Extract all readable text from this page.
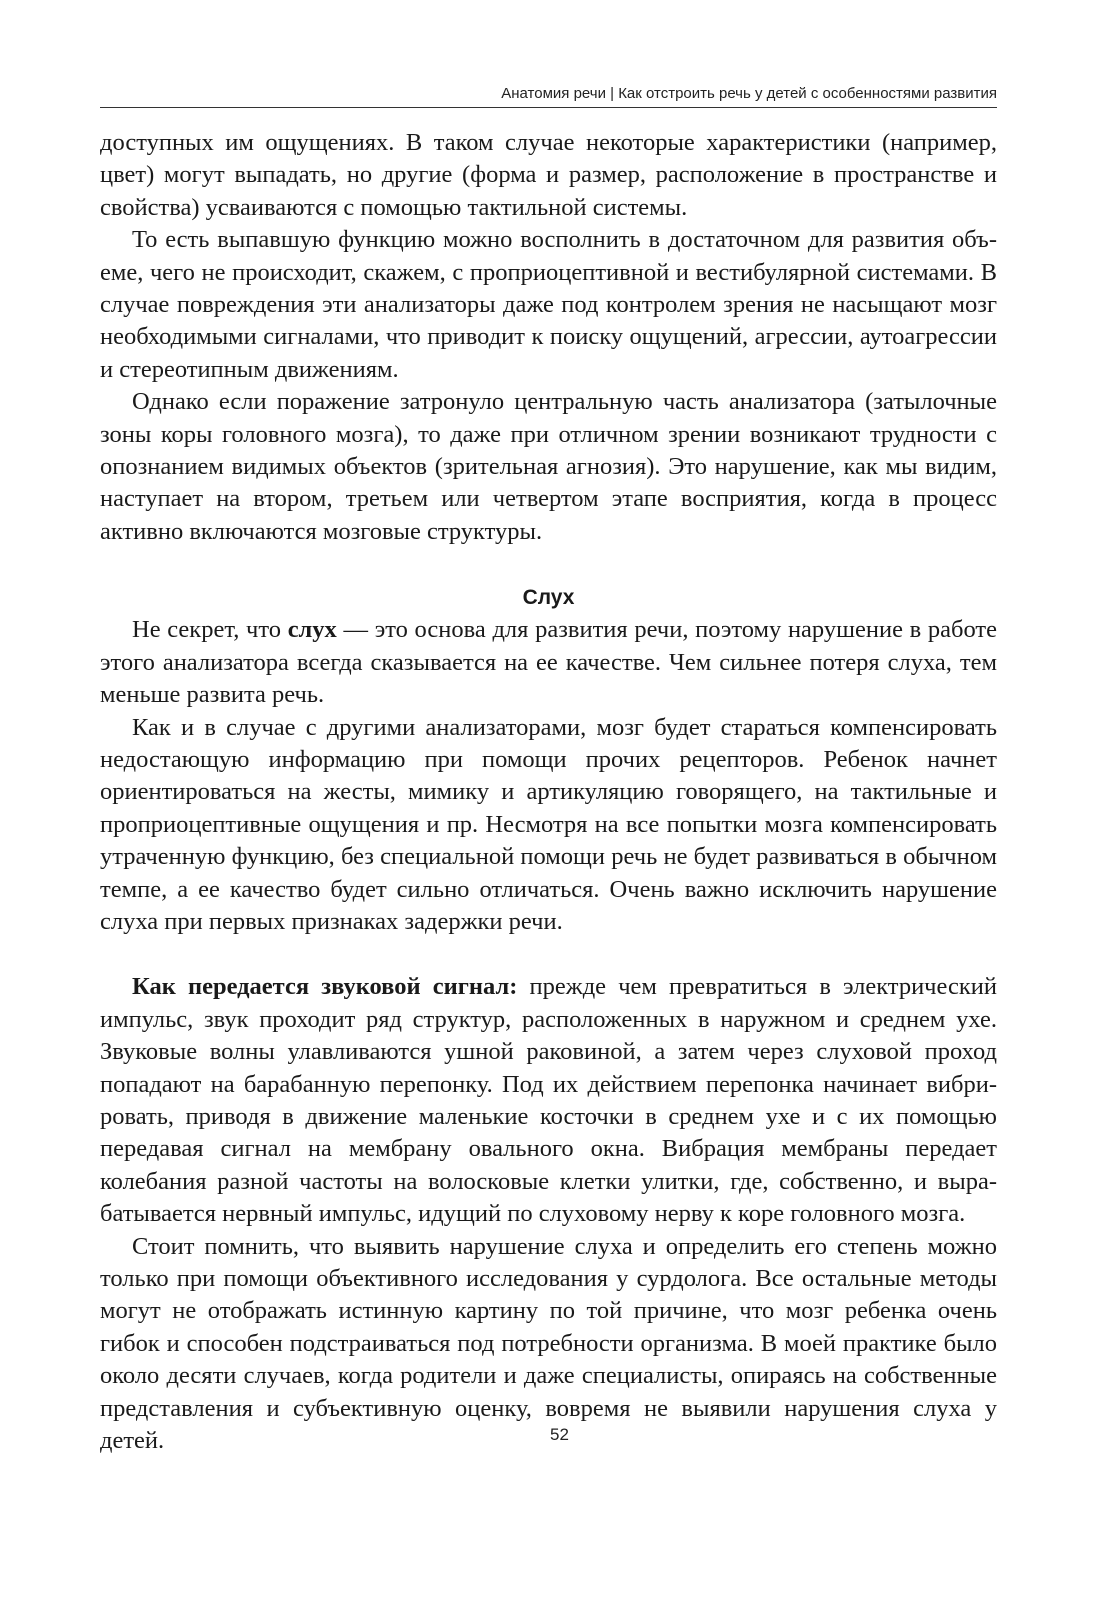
Анатомия речи | Как отстроить речь у детей с особенностями развития

доступных им ощущениях. В таком случае некоторые характеристики (например, цвет) могут выпадать, но другие (форма и размер, расположение в пространстве и свойства) усваиваются с помощью тактильной системы.

То есть выпавшую функцию можно восполнить в достаточном для развития объеме, чего не происходит, скажем, с проприоцептивной и вестибулярной системами. В случае повреждения эти анализаторы даже под контролем зрения не насыщают мозг необходимыми сигналами, что приводит к поиску ощущений, агрессии, аутоагрессии и стереотипным движениям.

Однако если поражение затронуло центральную часть анализатора (затылочные зоны коры головного мозга), то даже при отличном зрении возникают трудности с опознанием видимых объектов (зрительная агнозия). Это нарушение, как мы видим, наступает на втором, третьем или четвертом этапе восприятия, когда в процесс активно включаются мозговые структуры.

Слух

Не секрет, что слух — это основа для развития речи, поэтому нарушение в работе этого анализатора всегда сказывается на ее качестве. Чем сильнее потеря слуха, тем меньше развита речь.

Как и в случае с другими анализаторами, мозг будет стараться компенсировать недостающую информацию при помощи прочих рецепторов. Ребенок начнет ориентироваться на жесты, мимику и артикуляцию говорящего, на тактильные и проприоцептивные ощущения и пр. Несмотря на все попытки мозга компенсировать утраченную функцию, без специальной помощи речь не будет развиваться в обычном темпе, а ее качество будет сильно отличаться. Очень важно исключить нарушение слуха при первых признаках задержки речи.

Как передается звуковой сигнал: прежде чем превратиться в электрический импульс, звук проходит ряд структур, расположенных в наружном и среднем ухе. Звуковые волны улавливаются ушной раковиной, а затем через слуховой проход попадают на барабанную перепонку. Под их действием перепонка начинает вибрировать, приводя в движение маленькие косточки в среднем ухе и с их помощью передавая сигнал на мембрану овального окна. Вибрация мембраны передает колебания разной частоты на волосковые клетки улитки, где, собственно, и вырабатывается нервный импульс, идущий по слуховому нерву к коре головного мозга.

Стоит помнить, что выявить нарушение слуха и определить его степень можно только при помощи объективного исследования у сурдолога. Все остальные методы могут не отображать истинную картину по той причине, что мозг ребенка очень гибок и способен подстраиваться под потребности организма. В моей практике было около десяти случаев, когда родители и даже специалисты, опираясь на собственные представления и субъективную оценку, вовремя не выявили нарушения слуха у детей.	52
